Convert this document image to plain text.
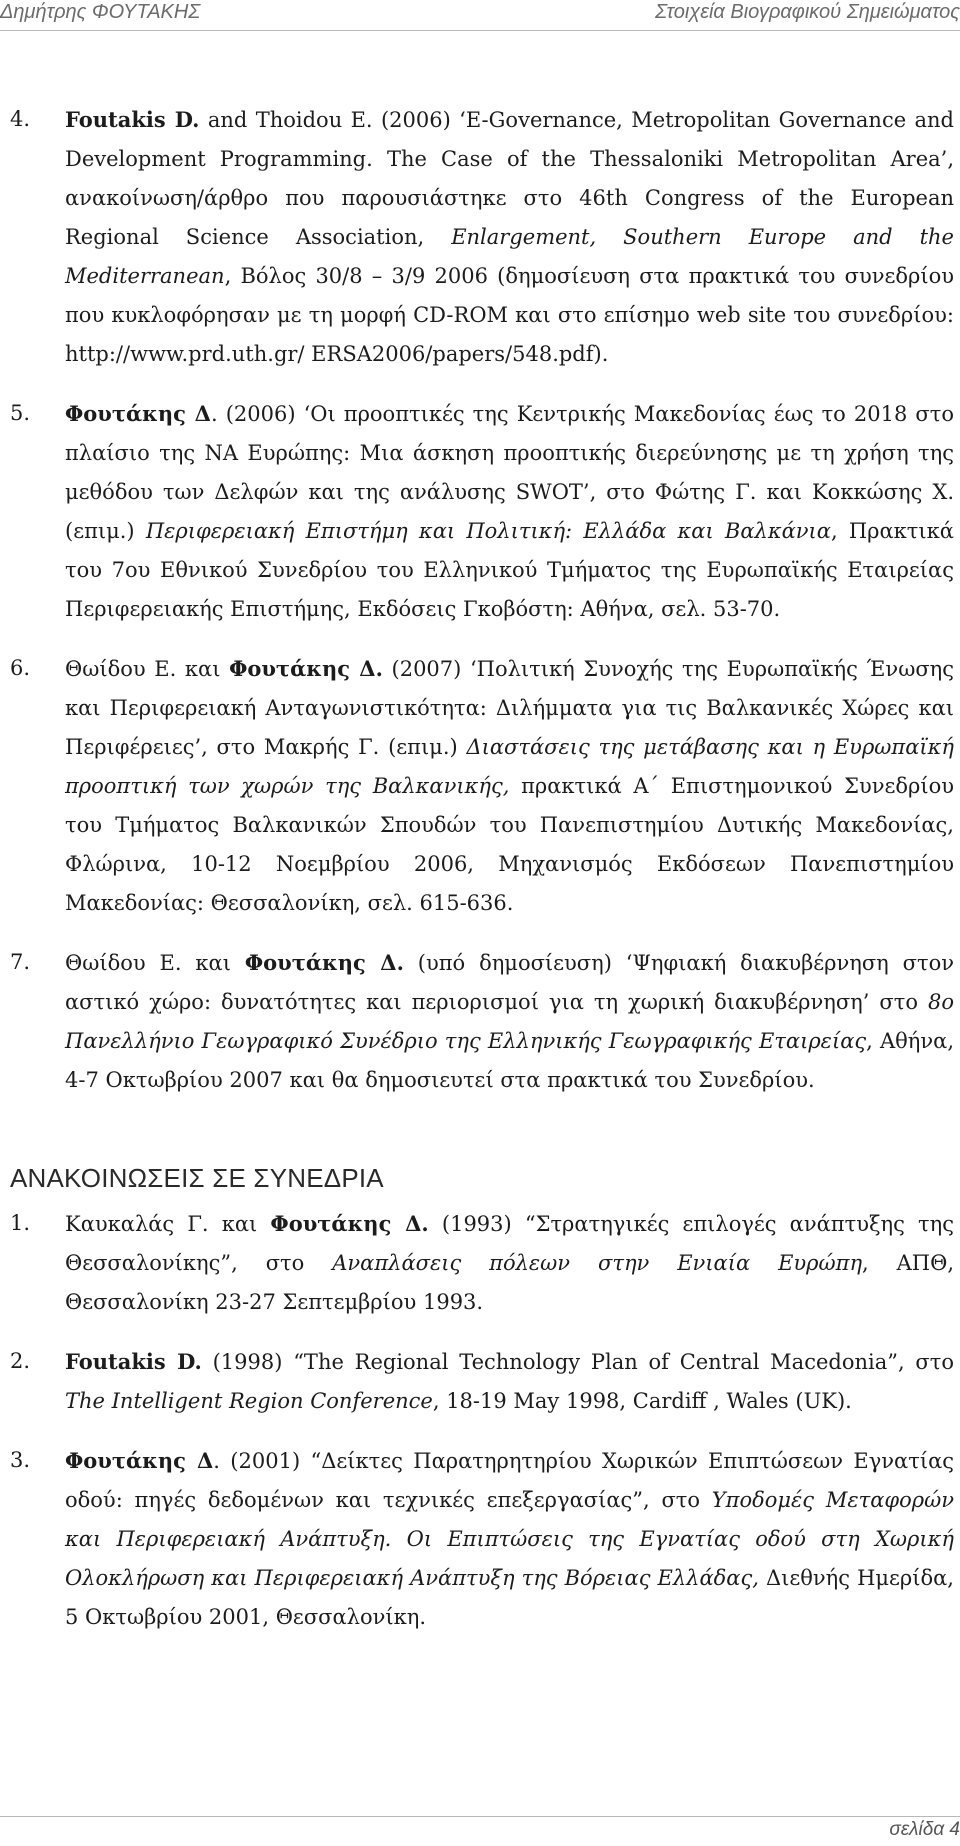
Δημήτρης ΦΟΥΤΑΚΗΣ	Στοιχεία Βιογραφικού Σημειώματος
4. Foutakis D. and Thoidou E. (2006) ‘E-Governance, Metropolitan Governance and Development Programming. The Case of the Thessaloniki Metropolitan Area’, ανακοίνωση/άρθρο που παρουσιάστηκε στο 46th Congress of the European Regional Science Association, Enlargement, Southern Europe and the Mediterranean, Βόλος 30/8 – 3/9 2006 (δημοσίευση στα πρακτικά του συνεδρίου που κυκλοφόρησαν με τη μορφή CD-ROM και στο επίσημο web site του συνεδρίου: http://www.prd.uth.gr/ ERSA2006/papers/548.pdf).
5. Φουτάκης Δ. (2006) ‘Οι προοπτικές της Κεντρικής Μακεδονίας έως το 2018 στο πλαίσιο της ΝΑ Ευρώπης: Μια άσκηση προοπτικής διερεύνησης με τη χρήση της μεθόδου των Δελφών και της ανάλυσης SWOT’, στο Φώτης Γ. και Κοκκώσης Χ. (επιμ.) Περιφερειακή Επιστήμη και Πολιτική: Ελλάδα και Βαλκάνια, Πρακτικά του 7ου Εθνικού Συνεδρίου του Ελληνικού Τμήματος της Ευρωπαϊκής Εταιρείας Περιφερειακής Επιστήμης, Εκδόσεις Γκοβόστη: Αθήνα, σελ. 53-70.
6. Θωίδου Ε. και Φουτάκης Δ. (2007) ‘Πολιτική Συνοχής της Ευρωπαϊκής Ένωσης και Περιφερειακή Ανταγωνιστικότητα: Διλήμματα για τις Βαλκανικές Χώρες και Περιφέρειες’, στο Μακρής Γ. (επιμ.) Διαστάσεις της μετάβασης και η Ευρωπαϊκή προοπτική των χωρών της Βαλκανικής, πρακτικά Α΄ Επιστημονικού Συνεδρίου του Τμήματος Βαλκανικών Σπουδών του Πανεπιστημίου Δυτικής Μακεδονίας, Φλώρινα, 10-12 Νοεμβρίου 2006, Μηχανισμός Εκδόσεων Πανεπιστημίου Μακεδονίας: Θεσσαλονίκη, σελ. 615-636.
7. Θωίδου Ε. και Φουτάκης Δ. (υπό δημοσίευση) ‘Ψηφιακή διακυβέρνηση στον αστικό χώρο: δυνατότητες και περιορισμοί για τη χωρική διακυβέρνηση’ στο 8ο Πανελλήνιο Γεωγραφικό Συνέδριο της Ελληνικής Γεωγραφικής Εταιρείας, Αθήνα, 4-7 Οκτωβρίου 2007 και θα δημοσιευτεί στα πρακτικά του Συνεδρίου.
ΑΝΑΚΟΙΝΩΣΕΙΣ ΣΕ ΣΥΝΕΔΡΙΑ
1. Καυκαλάς Γ. και Φουτάκης Δ. (1993) “Στρατηγικές επιλογές ανάπτυξης της Θεσσαλονίκης”, στο Αναπλάσεις πόλεων στην Ενιαία Ευρώπη, ΑΠΘ, Θεσσαλονίκη 23-27 Σεπτεμβρίου 1993.
2. Foutakis D. (1998) “The Regional Technology Plan of Central Macedonia”, στο The Intelligent Region Conference, 18-19 May 1998, Cardiff , Wales (UK).
3. Φουτάκης Δ. (2001) “Δείκτες Παρατηρητηρίου Χωρικών Επιπτώσεων Εγνατίας οδού: πηγές δεδομένων και τεχνικές επεξεργασίας”, στο Υποδομές Μεταφορών και Περιφερειακή Ανάπτυξη. Οι Επιπτώσεις της Εγνατίας οδού στη Χωρική Ολοκλήρωση και Περιφερειακή Ανάπτυξη της Βόρειας Ελλάδας, Διεθνής Ημερίδα, 5 Οκτωβρίου 2001, Θεσσαλονίκη.
σελίδα 4
